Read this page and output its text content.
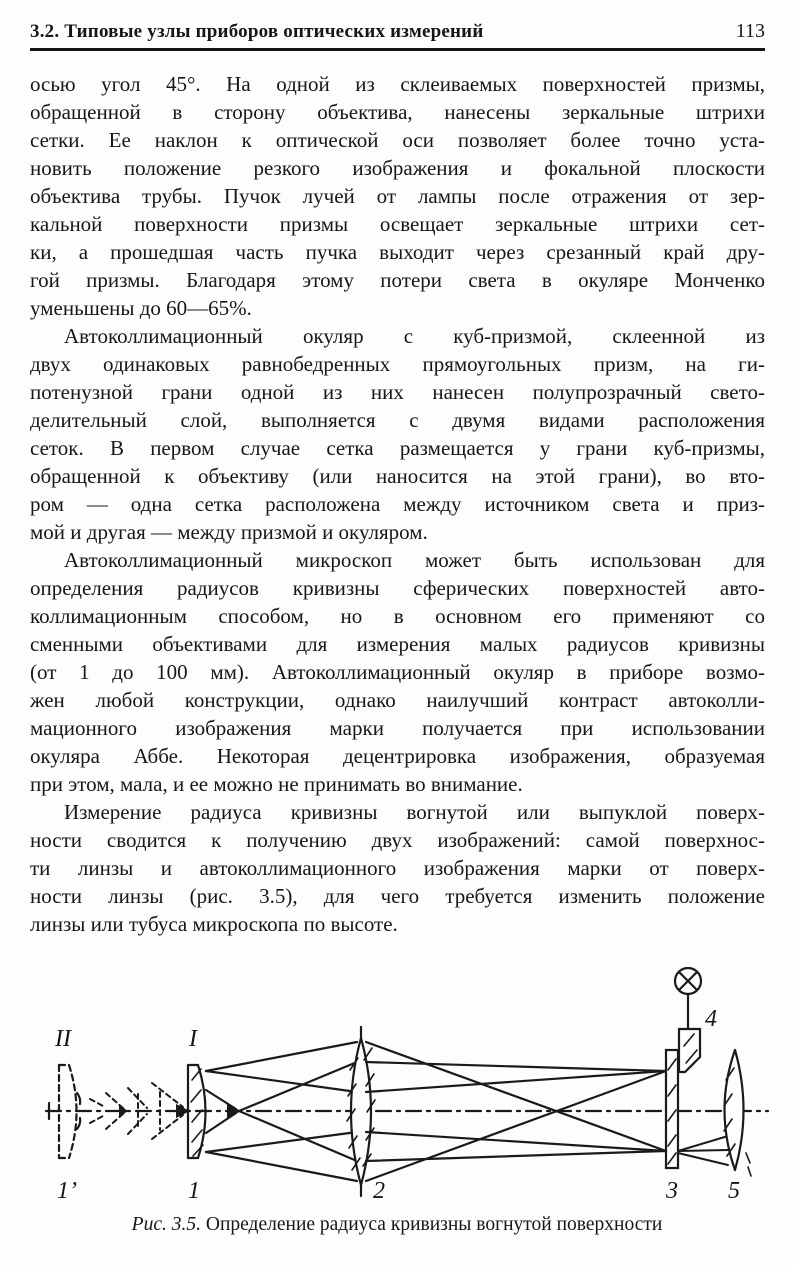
3.2. Типовые узлы приборов оптических измерений	113
осью угол 45°. На одной из склеиваемых поверхностей призмы,
обращенной в сторону объектива, нанесены зеркальные штрихи
сетки. Ее наклон к оптической оси позволяет более точно уста-
новить положение резкого изображения и фокальной плоскости
объектива трубы. Пучок лучей от лампы после отражения от зер-
кальной поверхности призмы освещает зеркальные штрихи сет-
ки, а прошедшая часть пучка выходит через срезанный край дру-
гой призмы. Благодаря этому потери света в окуляре Монченко
уменьшены до 60—65%.
Автоколлимационный окуляр с куб-призмой, склеенной из
двух одинаковых равнобедренных прямоугольных призм, на ги-
потенузной грани одной из них нанесен полупрозрачный свето-
делительный слой, выполняется с двумя видами расположения
сеток. В первом случае сетка размещается у грани куб-призмы,
обращенной к объективу (или наносится на этой грани), во вто-
ром — одна сетка расположена между источником света и приз-
мой и другая — между призмой и окуляром.
Автоколлимационный микроскоп может быть использован для
определения радиусов кривизны сферических поверхностей авто-
коллимационным способом, но в основном его применяют со
сменными объективами для измерения малых радиусов кривизны
(от 1 до 100 мм). Автоколлимационный окуляр в приборе возмо-
жен любой конструкции, однако наилучший контраст автоколли-
мационного изображения марки получается при использовании
окуляра Аббе. Некоторая децентрировка изображения, образуемая
при этом, мала, и ее можно не принимать во внимание.
Измерение радиуса кривизны вогнутой или выпуклой поверх-
ности сводится к получению двух изображений: самой поверхнос-
ти линзы и автоколлимационного изображения марки от поверх-
ности линзы (рис. 3.5), для чего требуется изменить положение
линзы или тубуса микроскопа по высоте.
II	I
4
1’	1	2	3 5
Рис. 3.5. Определение радиуса кривизны вогнутой поверхности
